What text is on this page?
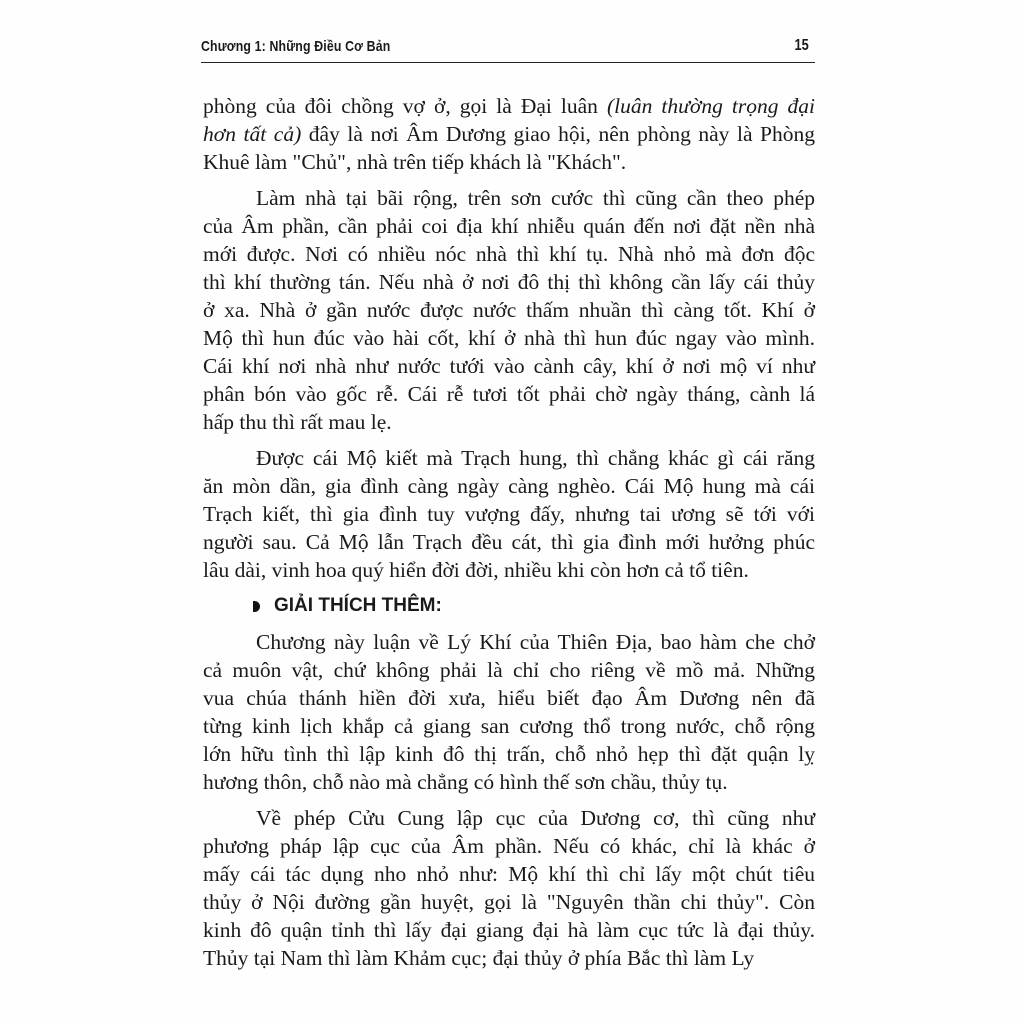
Chương 1: Những Điều Cơ Bản	15
phòng của đôi chồng vợ ở, gọi là Đại luân (luân thường trọng đại
hơn tất cả) đây là nơi Âm Dương giao hội, nên phòng này là Phòng
Khuê làm "Chủ", nhà trên tiếp khách là "Khách".
Làm nhà tại bãi rộng, trên sơn cước thì cũng cần theo phép
của Âm phần, cần phải coi địa khí nhiễu quán đến nơi đặt nền nhà
mới được. Nơi có nhiều nóc nhà thì khí tụ. Nhà nhỏ mà đơn độc
thì khí thường tán. Nếu nhà ở nơi đô thị thì không cần lấy cái thủy
ở xa. Nhà ở gần nước được nước thấm nhuần thì càng tốt. Khí ở
Mộ thì hun đúc vào hài cốt, khí ở nhà thì hun đúc ngay vào mình.
Cái khí nơi nhà như nước tưới vào cành cây, khí ở nơi mộ ví như
phân bón vào gốc rễ. Cái rễ tươi tốt phải chờ ngày tháng, cành lá
hấp thu thì rất mau lẹ.
Được cái Mộ kiết mà Trạch hung, thì chẳng khác gì cái răng
ăn mòn dần, gia đình càng ngày càng nghèo. Cái Mộ hung mà cái
Trạch kiết, thì gia đình tuy vượng đấy, nhưng tai ương sẽ tới với
người sau. Cả Mộ lẫn Trạch đều cát, thì gia đình mới hưởng phúc
lâu dài, vinh hoa quý hiển đời đời, nhiều khi còn hơn cả tổ tiên.
GIẢI THÍCH THÊM:
Chương này luận về Lý Khí của Thiên Địa, bao hàm che chở
cả muôn vật, chứ không phải là chỉ cho riêng về mồ mả. Những
vua chúa thánh hiền đời xưa, hiểu biết đạo Âm Dương nên đã
từng kinh lịch khắp cả giang san cương thổ trong nước, chỗ rộng
lớn hữu tình thì lập kinh đô thị trấn, chỗ nhỏ hẹp thì đặt quận lỵ
hương thôn, chỗ nào mà chẳng có hình thế sơn chầu, thủy tụ.
Về phép Cửu Cung lập cục của Dương cơ, thì cũng như
phương pháp lập cục của Âm phần. Nếu có khác, chỉ là khác ở
mấy cái tác dụng nho nhỏ như: Mộ khí thì chỉ lấy một chút tiêu
thủy ở Nội đường gần huyệt, gọi là "Nguyên thần chi thủy". Còn
kinh đô quận tỉnh thì lấy đại giang đại hà làm cục tức là đại thủy.
Thủy tại Nam thì làm Khảm cục; đại thủy ở phía Bắc thì làm Ly
